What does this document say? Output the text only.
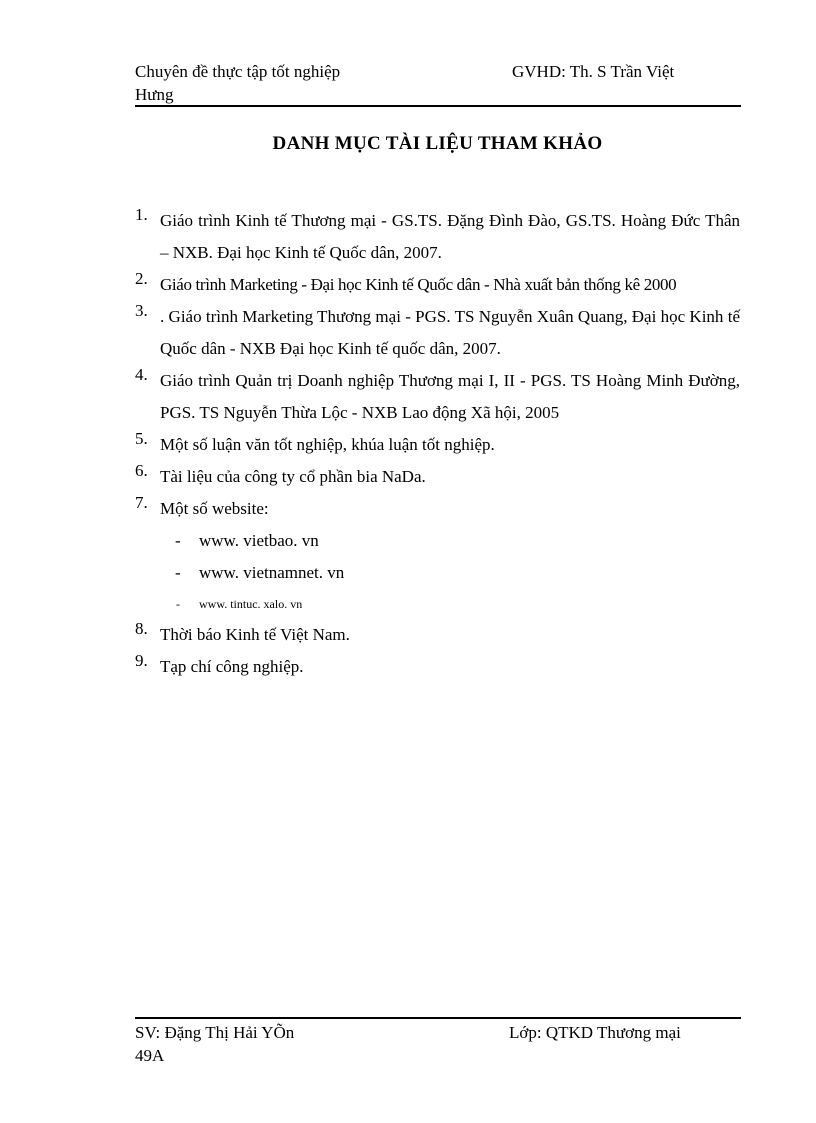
Chuyên đề thực tập tốt nghiệp	GVHD: Th. S Trần Việt
Hưng
DANH MỤC TÀI LIỆU THAM KHẢO
1. Giáo trình Kinh tế Thương mại - GS.TS. Đặng Đình Đào, GS.TS. Hoàng Đức Thân – NXB. Đại học Kinh tế Quốc dân, 2007.
2. Giáo trình Marketing - Đại học Kinh tế Quốc dân - Nhà xuất bản thống kê 2000
3. . Giáo trình Marketing Thương mại - PGS. TS Nguyễn Xuân Quang, Đại học Kinh tế Quốc dân - NXB Đại học Kinh tế quốc dân, 2007.
4. Giáo trình Quản trị Doanh nghiệp Thương mại I, II - PGS. TS Hoàng Minh Đường, PGS. TS Nguyễn Thừa Lộc - NXB Lao động Xã hội, 2005
5. Một số luận văn tốt nghiệp, khúa luận tốt nghiệp.
6. Tài liệu của công ty cổ phần bia NaDa.
7. Một số website:
- www. vietbao. vn
- www. vietnamnet. vn
- www. tintuc. xalo. vn
8. Thời báo Kinh tế Việt Nam.
9. Tạp chí công nghiệp.
SV: Đặng Thị Hải YÕn	Lớp: QTKD Thương mại
49A
